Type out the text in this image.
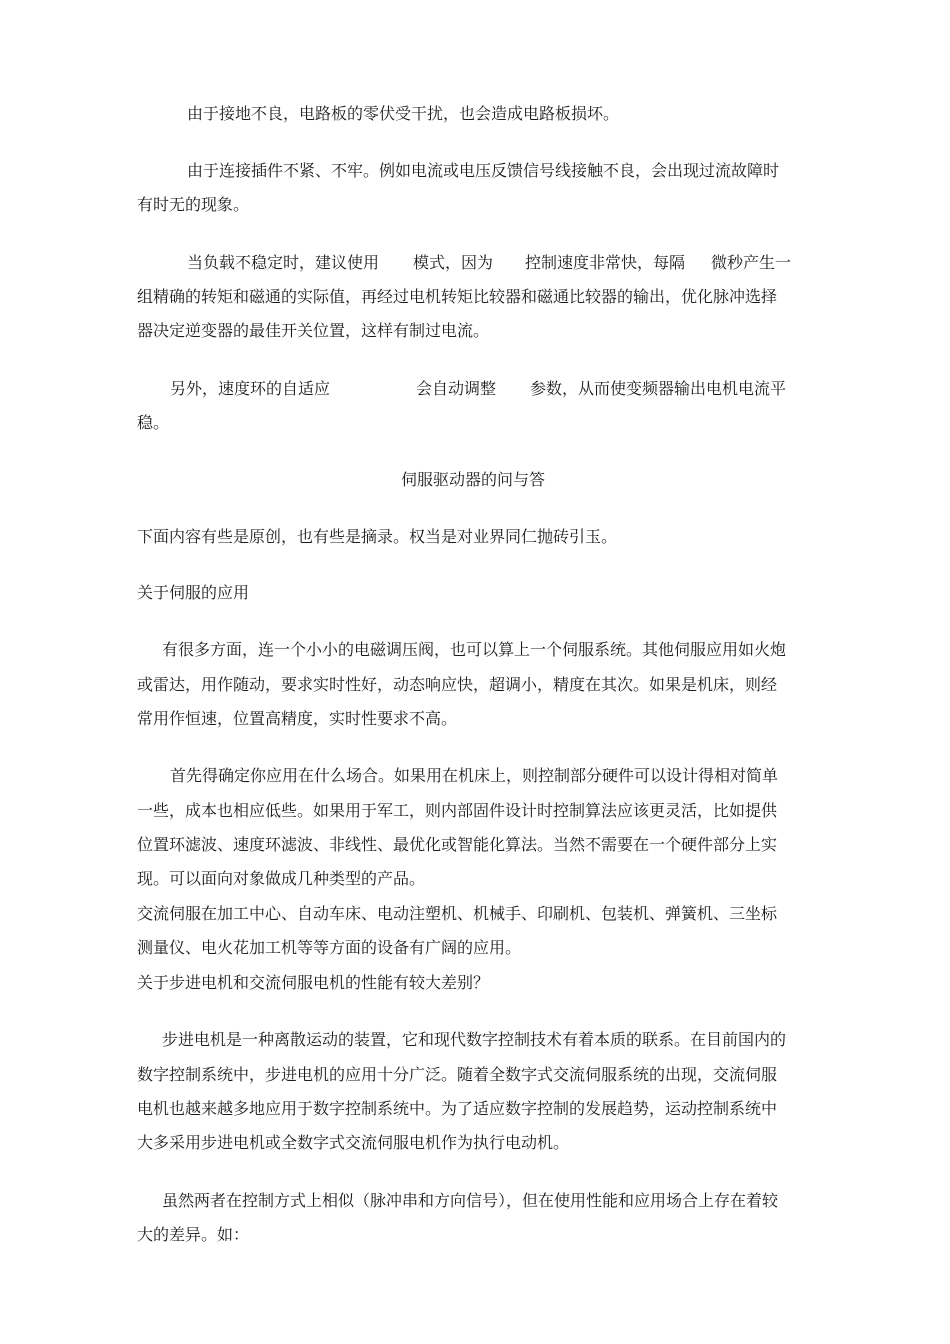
由于接地不良，电路板的零伏受干扰，也会造成电路板损坏。
由于连接插件不紧、不牢。例如电流或电压反馈信号线接触不良，会出现过流故障时
有时无的现象。
当负载不稳定时，建议使用 模式，因为 控制速度非常快，每隔 微秒产生一
组精确的转矩和磁通的实际值，再经过电机转矩比较器和磁通比较器的输出，优化脉冲选择
器决定逆变器的最佳开关位置，这样有制过电流。
另外，速度环的自适应	会自动调整 参数，从而使变频器输出电机电流平
稳。
伺服驱动器的问与答
下面内容有些是原创，也有些是摘录。权当是对业界同仁抛砖引玉。
关于伺服的应用
有很多方面，连一个小小的电磁调压阀，也可以算上一个伺服系统。其他伺服应用如火炮
或雷达，用作随动，要求实时性好，动态响应快，超调小，精度在其次。如果是机床，则经
常用作恒速，位置高精度，实时性要求不高。
首先得确定你应用在什么场合。如果用在机床上，则控制部分硬件可以设计得相对简单
一些，成本也相应低些。如果用于军工，则内部固件设计时控制算法应该更灵活，比如提供
位置环滤波、速度环滤波、非线性、最优化或智能化算法。当然不需要在一个硬件部分上实
现。可以面向对象做成几种类型的产品。
交流伺服在加工中心、自动车床、电动注塑机、机械手、印刷机、包装机、弹簧机、三坐标
测量仪、电火花加工机等等方面的设备有广阔的应用。
关于步进电机和交流伺服电机的性能有较大差别？
步进电机是一种离散运动的装置，它和现代数字控制技术有着本质的联系。在目前国内的
数字控制系统中，步进电机的应用十分广泛。随着全数字式交流伺服系统的出现，交流伺服
电机也越来越多地应用于数字控制系统中。为了适应数字控制的发展趋势，运动控制系统中
大多采用步进电机或全数字式交流伺服电机作为执行电动机。
虽然两者在控制方式上相似（脉冲串和方向信号），但在使用性能和应用场合上存在着较
大的差异。如：
